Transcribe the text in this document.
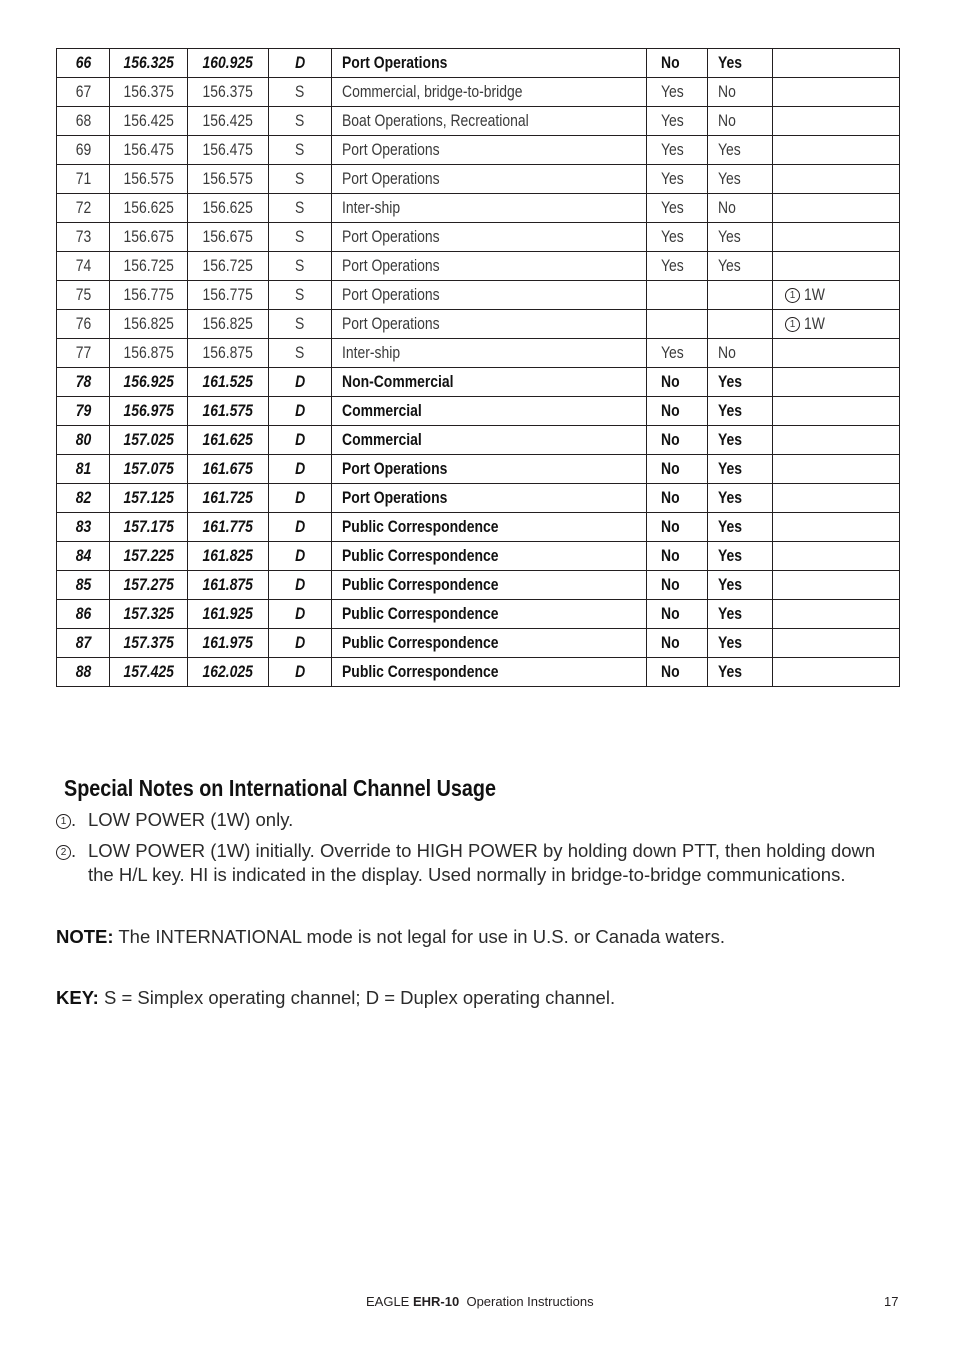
66	156.325	160.925	D	Port Operations	No	Yes	
67	156.375	156.375	S	Commercial, bridge-to-bridge	Yes	No	
68	156.425	156.425	S	Boat Operations, Recreational	Yes	No	
69	156.475	156.475	S	Port Operations	Yes	Yes	
71	156.575	156.575	S	Port Operations	Yes	Yes	
72	156.625	156.625	S	Inter-ship	Yes	No	
73	156.675	156.675	S	Port Operations	Yes	Yes	
74	156.725	156.725	S	Port Operations	Yes	Yes	
75	156.775	156.775	S	Port Operations			1 1W
76	156.825	156.825	S	Port Operations			1 1W
77	156.875	156.875	S	Inter-ship	Yes	No	
78	156.925	161.525	D	Non-Commercial	No	Yes	
79	156.975	161.575	D	Commercial	No	Yes	
80	157.025	161.625	D	Commercial	No	Yes	
81	157.075	161.675	D	Port Operations	No	Yes	
82	157.125	161.725	D	Port Operations	No	Yes	
83	157.175	161.775	D	Public Correspondence	No	Yes	
84	157.225	161.825	D	Public Correspondence	No	Yes	
85	157.275	161.875	D	Public Correspondence	No	Yes	
86	157.325	161.925	D	Public Correspondence	No	Yes	
87	157.375	161.975	D	Public Correspondence	No	Yes	
88	157.425	162.025	D	Public Correspondence	No	Yes	
Special Notes on International Channel Usage
1 . LOW POWER (1W) only.
2 . LOW POWER (1W) initially. Override to HIGH POWER by holding down PTT, then holding down the H/L key. HI is indicated in the display. Used normally in bridge-to-bridge communications.

NOTE: The INTERNATIONAL mode is not legal for use in U.S. or Canada waters.

KEY: S = Simplex operating channel; D = Duplex operating channel.

EAGLE EHR-10 Operation Instructions	17
